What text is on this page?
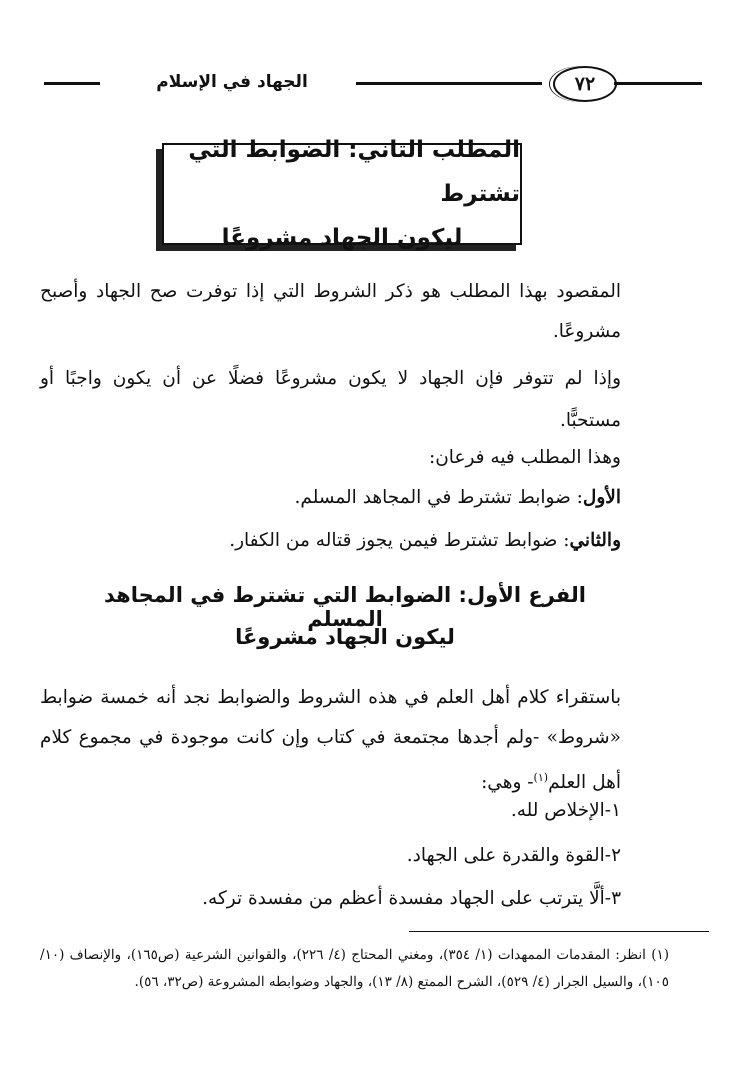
٧٢
الجهاد في الإسلام
المطلب الثاني: الضوابط التي تشترط
ليكون الجهاد مشروعًا
المقصود بهذا المطلب هو ذكر الشروط التي إذا توفرت صح الجهاد وأصبح مشروعًا.
وإذا لم تتوفر فإن الجهاد لا يكون مشروعًا فضلًا عن أن يكون واجبًا أو مستحبًّا.
وهذا المطلب فيه فرعان:
الأول: ضوابط تشترط في المجاهد المسلم.
والثاني: ضوابط تشترط فيمن يجوز قتاله من الكفار.
الفرع الأول: الضوابط التي تشترط في المجاهد المسلم
ليكون الجهاد مشروعًا
باستقراء كلام أهل العلم في هذه الشروط والضوابط نجد أنه خمسة ضوابط «شروط» -ولم أجدها مجتمعة في كتاب وإن كانت موجودة في مجموع كلام أهل العلم$^{(١)}$- وهي:
١-الإخلاص لله.
٢-القوة والقدرة على الجهاد.
٣-ألَّا يترتب على الجهاد مفسدة أعظم من مفسدة تركه.
(١) انظر: المقدمات الممهدات (١/ ٣٥٤)، ومغني المحتاج (٤/ ٢٢٦)، والقوانين الشرعية (ص١٦٥)، والإنصاف (١٠/ ١٠٥)، والسيل الجرار (٤/ ٥٢٩)، الشرح الممتع (٨/ ١٣)، والجهاد وضوابطه المشروعة (ص٣٢، ٥٦).
